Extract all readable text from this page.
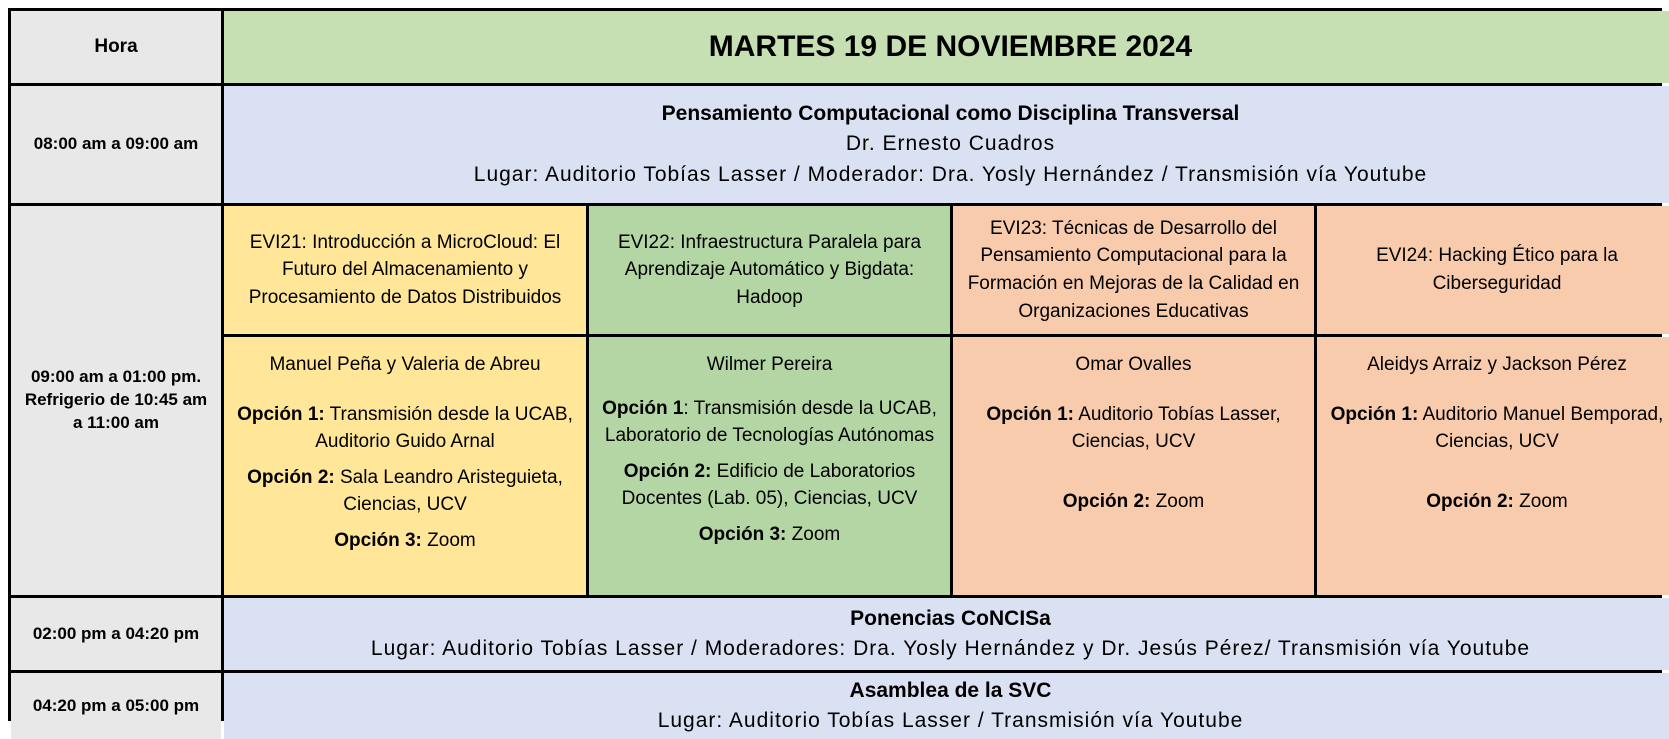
Hora	MARTES 19 DE NOVIEMBRE 2024
08:00 am a 09:00 am
Pensamiento Computacional como Disciplina Transversal
Dr. Ernesto Cuadros
Lugar: Auditorio Tobías Lasser / Moderador: Dra. Yosly Hernández / Transmisión vía Youtube
09:00 am a 01:00 pm.
Refrigerio de 10:45 am
a 11:00 am
EVI21: Introducción a MicroCloud: El Futuro del Almacenamiento y Procesamiento de Datos Distribuidos
EVI22: Infraestructura Paralela para Aprendizaje Automático y Bigdata: Hadoop
EVI23: Técnicas de Desarrollo del Pensamiento Computacional para la Formación en Mejoras de la Calidad en Organizaciones Educativas
EVI24: Hacking Ético para la Ciberseguridad

Manuel Peña y Valeria de Abreu

Opción 1: Transmisión desde la UCAB, Auditorio Guido Arnal

Opción 2: Sala Leandro Aristeguieta, Ciencias, UCV

Opción 3: Zoom

Wilmer Pereira

Opción 1: Transmisión desde la UCAB, Laboratorio de Tecnologías Autónomas

Opción 2: Edificio de Laboratorios Docentes (Lab. 05), Ciencias, UCV

Opción 3: Zoom

Omar Ovalles

Opción 1: Auditorio Tobías Lasser, Ciencias, UCV

Opción 2: Zoom

Aleidys Arraiz y Jackson Pérez

Opción 1: Auditorio Manuel Bemporad, Ciencias, UCV

Opción 2: Zoom

02:00 pm a 04:20 pm
Ponencias CoNCISa
Lugar: Auditorio Tobías Lasser / Moderadores: Dra. Yosly Hernández y Dr. Jesús Pérez/ Transmisión vía Youtube
04:20 pm a 05:00 pm
Asamblea de la SVC
Lugar: Auditorio Tobías Lasser / Transmisión vía Youtube
